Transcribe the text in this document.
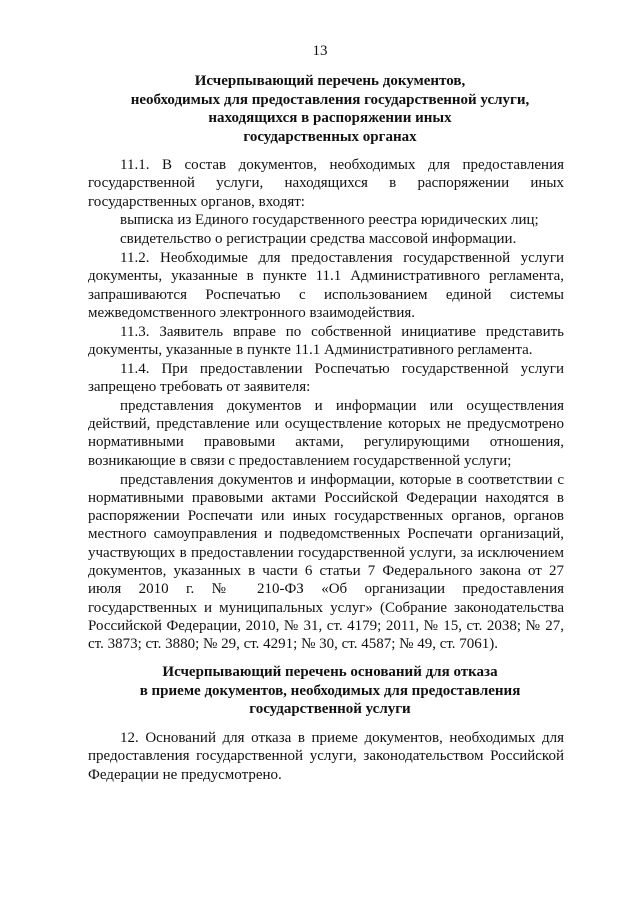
13
Исчерпывающий перечень документов,
необходимых для предоставления государственной услуги,
находящихся в распоряжении иных
государственных органах

11.1. В состав документов, необходимых для предоставления государственной услуги, находящихся в распоряжении иных государственных органов, входят:

выписка из Единого государственного реестра юридических лиц;

свидетельство о регистрации средства массовой информации.

11.2. Необходимые для предоставления государственной услуги документы, указанные в пункте 11.1 Административного регламента, запрашиваются Роспечатью с использованием единой системы межведомственного электронного взаимодействия.

11.3. Заявитель вправе по собственной инициативе представить документы, указанные в пункте 11.1 Административного регламента.

11.4. При предоставлении Роспечатью государственной услуги запрещено требовать от заявителя:

представления документов и информации или осуществления действий, представление или осуществление которых не предусмотрено нормативными правовыми актами, регулирующими отношения, возникающие в связи с предоставлением государственной услуги;

представления документов и информации, которые в соответствии с нормативными правовыми актами Российской Федерации находятся в распоряжении Роспечати или иных государственных органов, органов местного самоуправления и подведомственных Роспечати организаций, участвующих в предоставлении государственной услуги, за исключением документов, указанных в части 6 статьи 7 Федерального закона от 27 июля 2010 г. № 210-ФЗ «Об организации предоставления государственных и муниципальных услуг» (Собрание законодательства Российской Федерации, 2010, № 31, ст. 4179; 2011, № 15, ст. 2038; № 27, ст. 3873; ст. 3880; № 29, ст. 4291; № 30, ст. 4587; № 49, ст. 7061).

Исчерпывающий перечень оснований для отказа
в приеме документов, необходимых для предоставления
государственной услуги

12. Оснований для отказа в приеме документов, необходимых для предоставления государственной услуги, законодательством Российской Федерации не предусмотрено.
